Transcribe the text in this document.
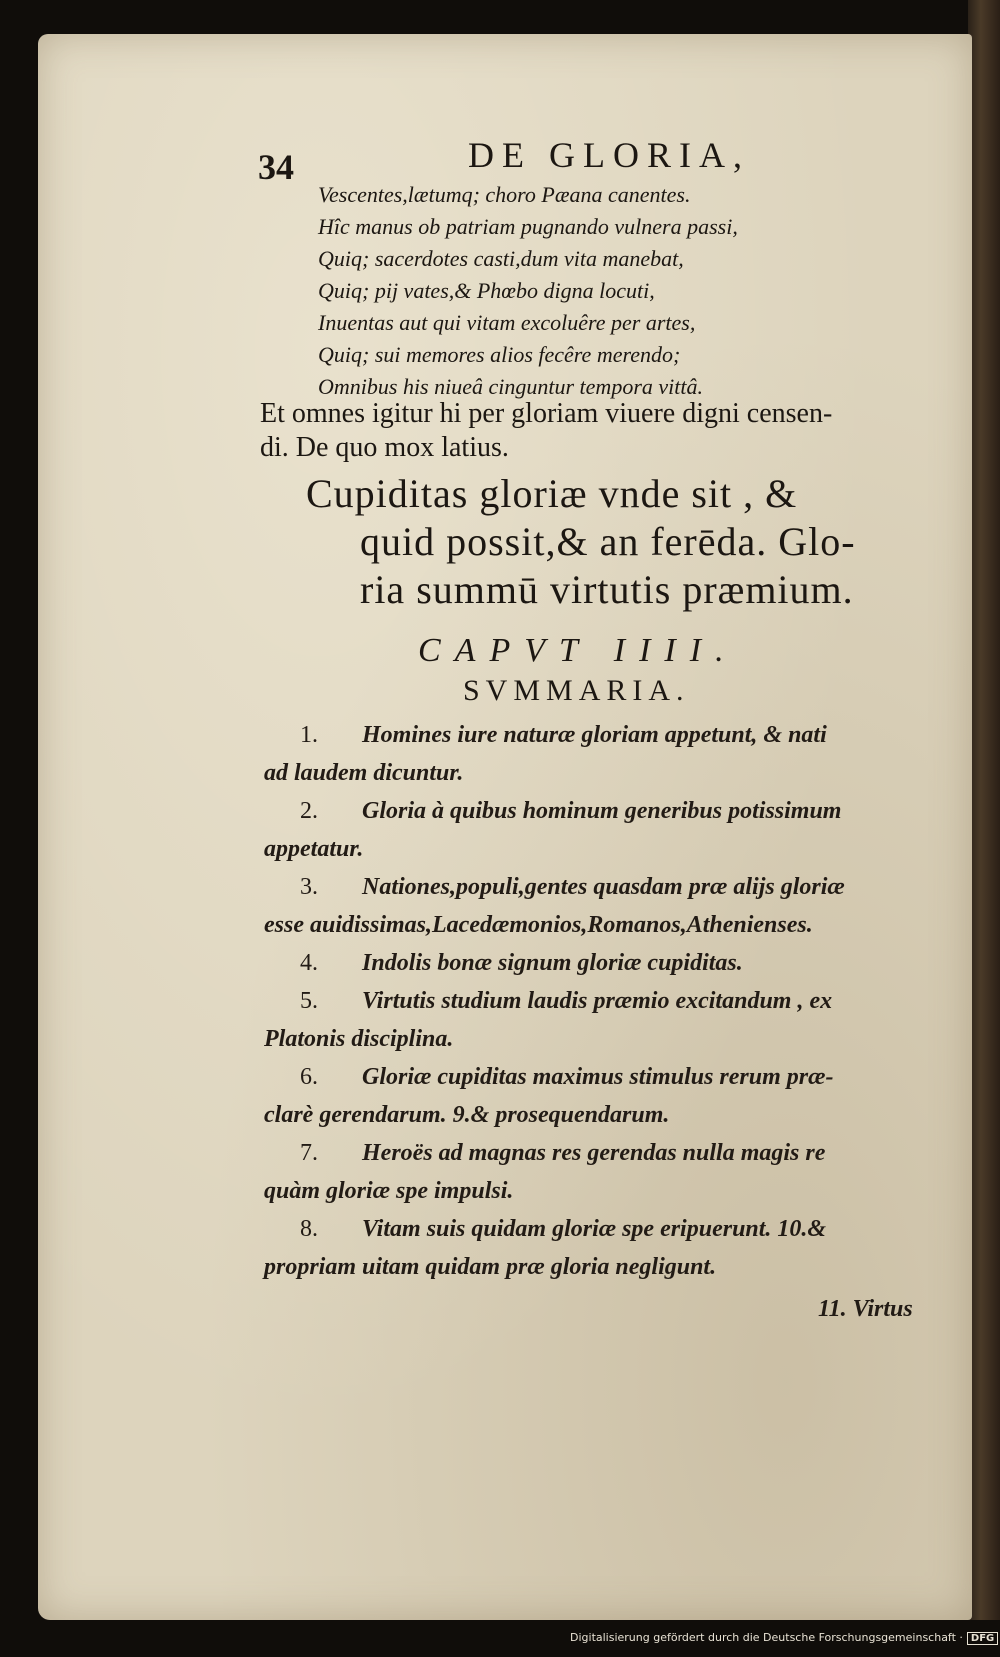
34	DE GLORIA,
Vescentes,lætumq; choro Pæana canentes.
Hîc manus ob patriam pugnando vulnera passi,
Quiq; sacerdotes casti,dum vita manebat,
Quiq; pij vates,& Phœbo digna locuti,
Inuentas aut qui vitam excoluêre per artes,
Quiq; sui memores alios fecêre merendo;
Omnibus his niueâ cinguntur tempora vittâ.
Et omnes igitur hi per gloriam viuere digni censen-
di. De quo mox latius.
Cupiditas gloriæ vnde sit , &
quid possit,& an ferēda. Glo-
ria summū virtutis præmium.
CAPVT IIII.
SVMMARIA.
1. Homines iure naturæ gloriam appetunt, & nati
ad laudem dicuntur.
2. Gloria à quibus hominum generibus potissimum
appetatur.
3. Nationes,populi,gentes quasdam præ alijs gloriæ
esse auidissimas,Lacedæmonios,Romanos,Athenienses.
4. Indolis bonæ signum gloriæ cupiditas.
5. Virtutis studium laudis præmio excitandum , ex
Platonis disciplina.
6. Gloriæ cupiditas maximus stimulus rerum præ-
clarè gerendarum. 9.& prosequendarum.
7. Heroës ad magnas res gerendas nulla magis re
quàm gloriæ spe impulsi.
8. Vitam suis quidam gloriæ spe eripuerunt. 10.&
propriam uitam quidam præ gloria negligunt.
11. Virtus
Digitalisierung gefördert durch die Deutsche Forschungsgemeinschaft · DFG
